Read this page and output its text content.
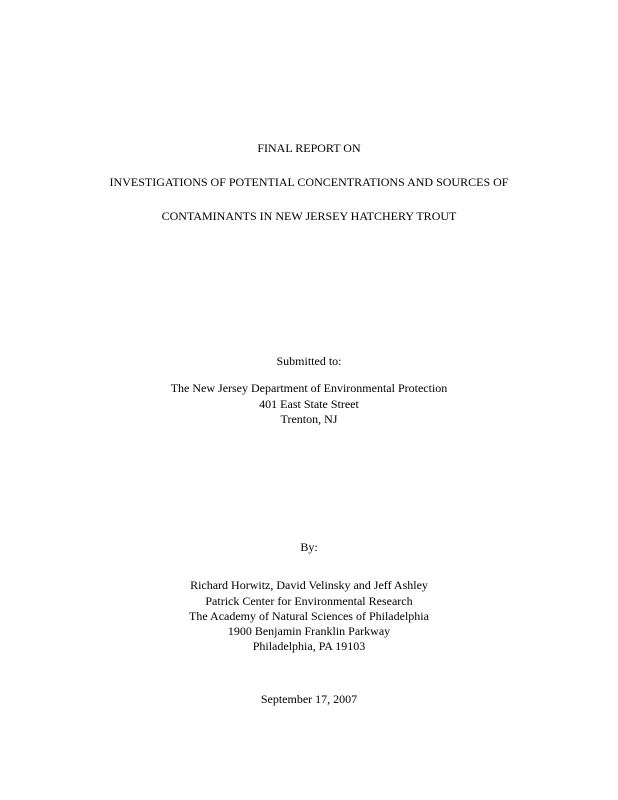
FINAL REPORT ON
INVESTIGATIONS OF POTENTIAL CONCENTRATIONS AND SOURCES OF
CONTAMINANTS IN NEW JERSEY HATCHERY TROUT
Submitted to:
The New Jersey Department of Environmental Protection
401 East State Street
Trenton, NJ
By:
Richard Horwitz, David Velinsky and Jeff Ashley
Patrick Center for Environmental Research
The Academy of Natural Sciences of Philadelphia
1900 Benjamin Franklin Parkway
Philadelphia, PA 19103
September 17, 2007
